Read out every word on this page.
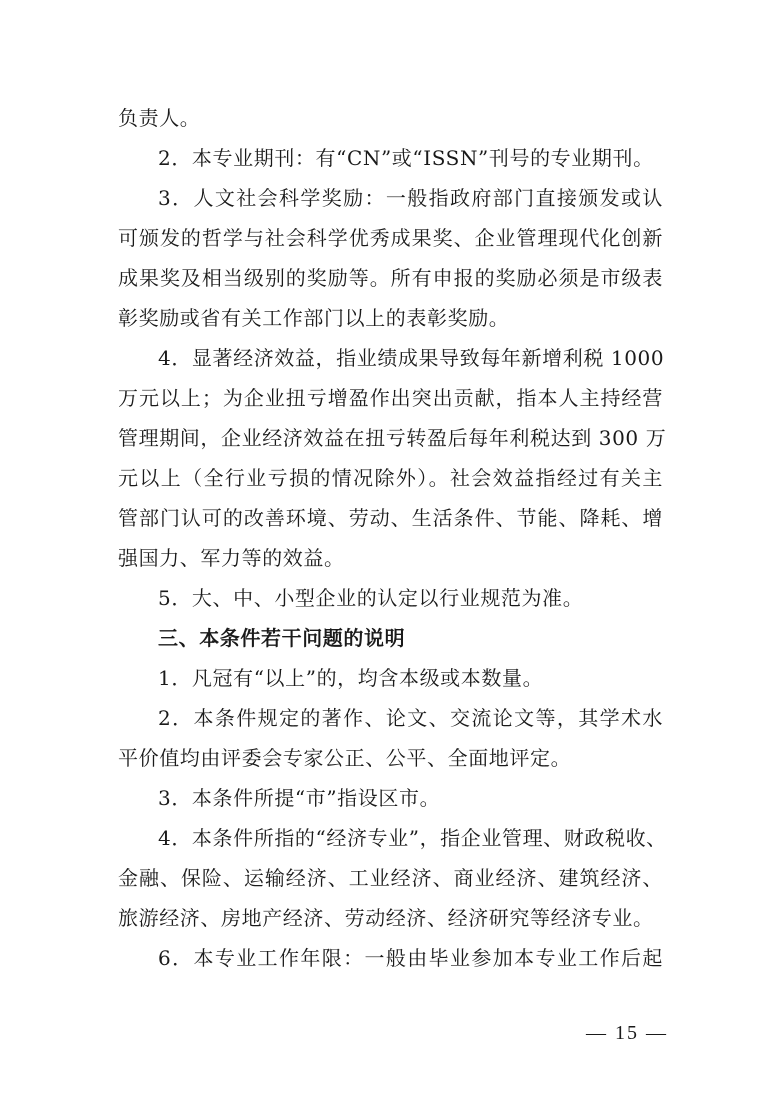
负责人。
2．本专业期刊：有“CN”或“ISSN”刊号的专业期刊。
3．人文社会科学奖励：一般指政府部门直接颁发或认
可颁发的哲学与社会科学优秀成果奖、企业管理现代化创新
成果奖及相当级别的奖励等。所有申报的奖励必须是市级表
彰奖励或省有关工作部门以上的表彰奖励。
4．显著经济效益，指业绩成果导致每年新增利税 1000
万元以上；为企业扭亏增盈作出突出贡献，指本人主持经营
管理期间，企业经济效益在扭亏转盈后每年利税达到 300 万
元以上（全行业亏损的情况除外）。社会效益指经过有关主
管部门认可的改善环境、劳动、生活条件、节能、降耗、增
强国力、军力等的效益。
5．大、中、小型企业的认定以行业规范为准。
三、本条件若干问题的说明
1．凡冠有“以上”的，均含本级或本数量。
2．本条件规定的著作、论文、交流论文等，其学术水
平价值均由评委会专家公正、公平、全面地评定。
3．本条件所提“市”指设区市。
4．本条件所指的“经济专业”，指企业管理、财政税收、
金融、保险、运输经济、工业经济、商业经济、建筑经济、
旅游经济、房地产经济、劳动经济、经济研究等经济专业。
6．本专业工作年限：一般由毕业参加本专业工作后起
— 15 —
